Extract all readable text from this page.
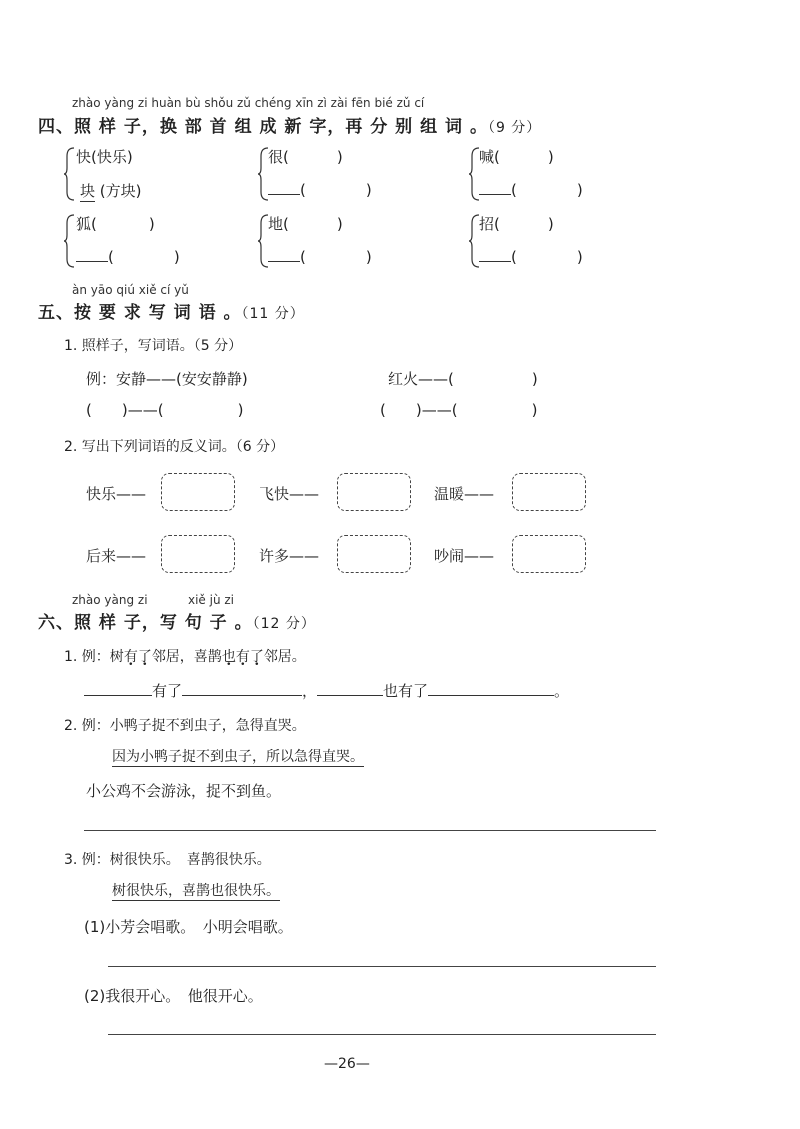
zhào yàng zi huàn bù shǒu zǔ chéng xīn zì zài fēn bié zǔ cí
四、照 样 子，换 部 首 组 成 新 字，再 分 别 组 词 。（9 分）
快(快乐)
块 (方块)
很(	)
(	)
喊(	)
(	)
狐(	)
(	)
地(	)
(	)
招(	)
(	)
àn yāo qiú xiě cí yǔ
五、按 要 求 写 词 语 。（11 分）
1. 照样子，写词语。（5 分）
例：安静——(安安静静)	红火——(	)
( )——(	)	( )——(	)
2. 写出下列词语的反义词。（6 分）
快乐——	飞快——	温暖——
后来——	许多——	吵闹——
zhào yàng zi	xiě jù zi
六、照 样 子，写 句 子 。（12 分）
1. 例：树有了邻居，喜鹊也有了邻居。
有了	，	也有了	。
2. 例：小鸭子捉不到虫子，急得直哭。
因为小鸭子捉不到虫子，所以急得直哭。
小公鸡不会游泳，捉不到鱼。
3. 例：树很快乐。　喜鹊很快乐。
树很快乐，喜鹊也很快乐。
(1)小芳会唱歌。　小明会唱歌。
(2)我很开心。　他很开心。
—26—
